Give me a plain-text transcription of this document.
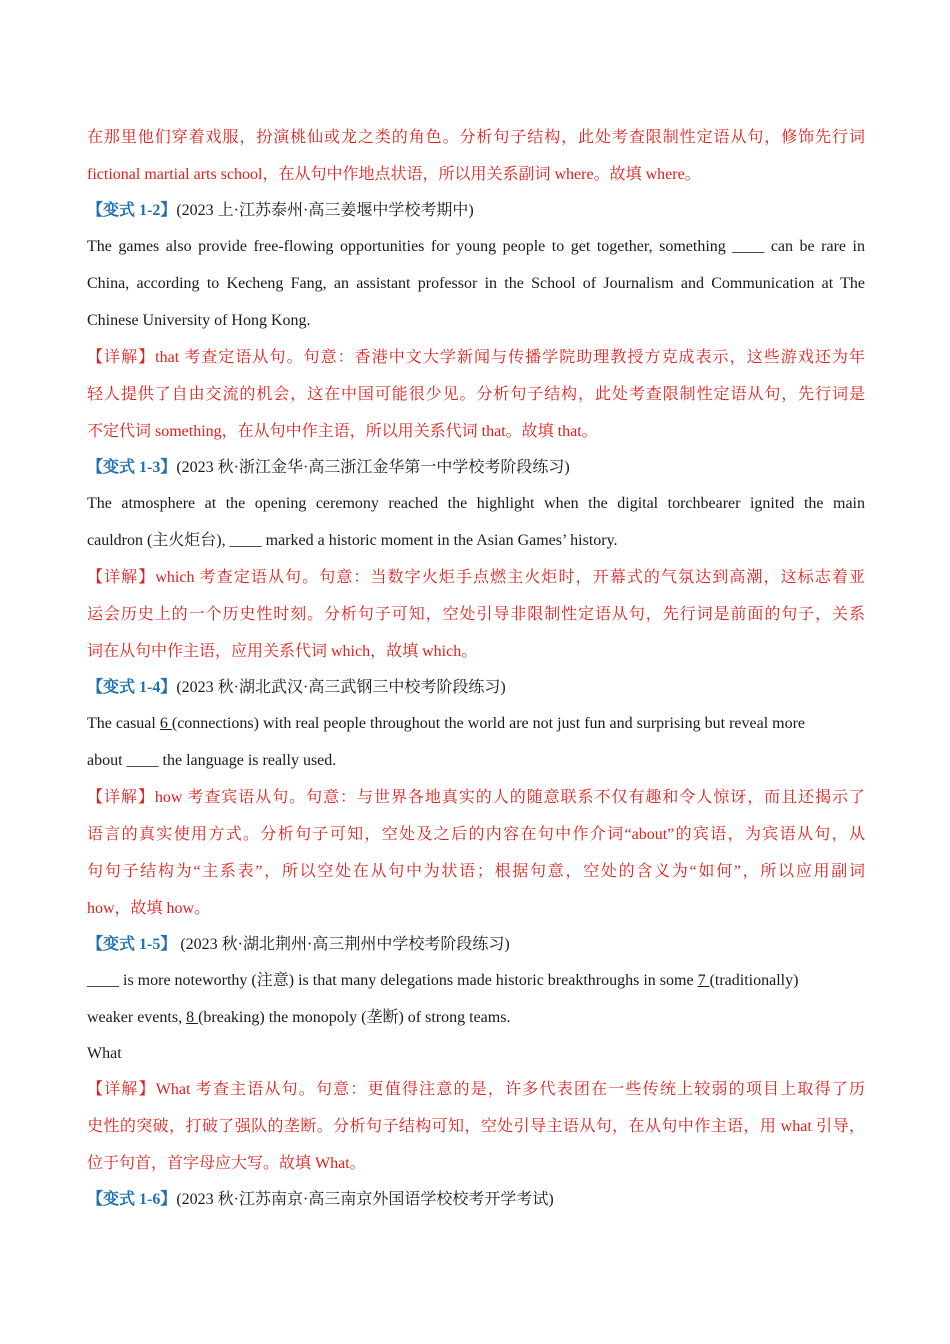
在那里他们穿着戏服，扮演桃仙或龙之类的角色。分析句子结构，此处考查限制性定语从句，修饰先行词
fictional martial arts school，在从句中作地点状语，所以用关系副词 where。故填 where。
【变式 1-2】(2023 上·江苏泰州·高三姜堰中学校考期中)
The games also provide free-flowing opportunities for young people to get together, something ____ can be rare in
China, according to Kecheng Fang, an assistant professor in the School of Journalism and Communication at The
Chinese University of Hong Kong.
【详解】that 考查定语从句。句意：香港中文大学新闻与传播学院助理教授方克成表示，这些游戏还为年
轻人提供了自由交流的机会，这在中国可能很少见。分析句子结构，此处考查限制性定语从句，先行词是
不定代词 something，在从句中作主语，所以用关系代词 that。故填 that。
【变式 1-3】(2023 秋·浙江金华·高三浙江金华第一中学校考阶段练习)
The atmosphere at the opening ceremony reached the highlight when the digital torchbearer ignited the main
cauldron (主火炬台), ____ marked a historic moment in the Asian Games’ history.
【详解】which 考查定语从句。句意：当数字火炬手点燃主火炬时，开幕式的气氛达到高潮，这标志着亚
运会历史上的一个历史性时刻。分析句子可知，空处引导非限制性定语从句，先行词是前面的句子，关系
词在从句中作主语，应用关系代词 which，故填 which。
【变式 1-4】(2023 秋·湖北武汉·高三武钢三中校考阶段练习)
The casual 6 (connections) with real people throughout the world are not just fun and surprising but reveal more
about ____ the language is really used.
【详解】how 考查宾语从句。句意：与世界各地真实的人的随意联系不仅有趣和令人惊讶，而且还揭示了
语言的真实使用方式。分析句子可知，空处及之后的内容在句中作介词“about”的宾语，为宾语从句，从
句句子结构为“主系表”，所以空处在从句中为状语；根据句意，空处的含义为“如何”，所以应用副词
how，故填 how。
【变式 1-5】 (2023 秋·湖北荆州·高三荆州中学校考阶段练习)
____ is more noteworthy (注意) is that many delegations made historic breakthroughs in some 7 (traditionally)
weaker events, 8 (breaking) the monopoly (垄断) of strong teams.
What
【详解】What 考查主语从句。句意：更值得注意的是，许多代表团在一些传统上较弱的项目上取得了历
史性的突破，打破了强队的垄断。分析句子结构可知，空处引导主语从句，在从句中作主语，用 what 引导，
位于句首，首字母应大写。故填 What。
【变式 1-6】(2023 秋·江苏南京·高三南京外国语学校校考开学考试)
